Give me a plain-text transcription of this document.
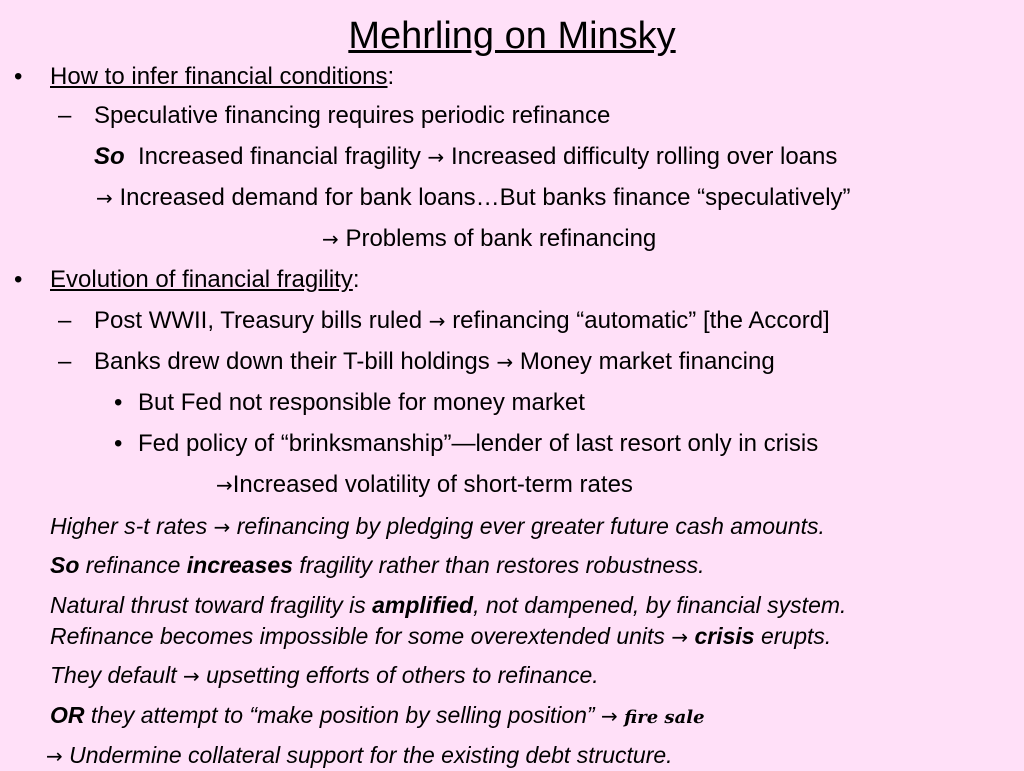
Mehrling on Minsky
• How to infer financial conditions:
– Speculative financing requires periodic refinance
So Increased financial fragility → Increased difficulty rolling over loans
→ Increased demand for bank loans…But banks finance “speculatively”
→ Problems of bank refinancing
• Evolution of financial fragility:
– Post WWII, Treasury bills ruled → refinancing “automatic” [the Accord]
– Banks drew down their T-bill holdings → Money market financing
• But Fed not responsible for money market
• Fed policy of “brinksmanship”—lender of last resort only in crisis
→Increased volatility of short-term rates
Higher s-t rates → refinancing by pledging ever greater future cash amounts.
So refinance increases fragility rather than restores robustness.
Natural thrust toward fragility is amplified, not dampened, by financial system.
Refinance becomes impossible for some overextended units → crisis erupts.
They default → upsetting efforts of others to refinance.
OR they attempt to “make position by selling position” → fire sale
→ Undermine collateral support for the existing debt structure.
